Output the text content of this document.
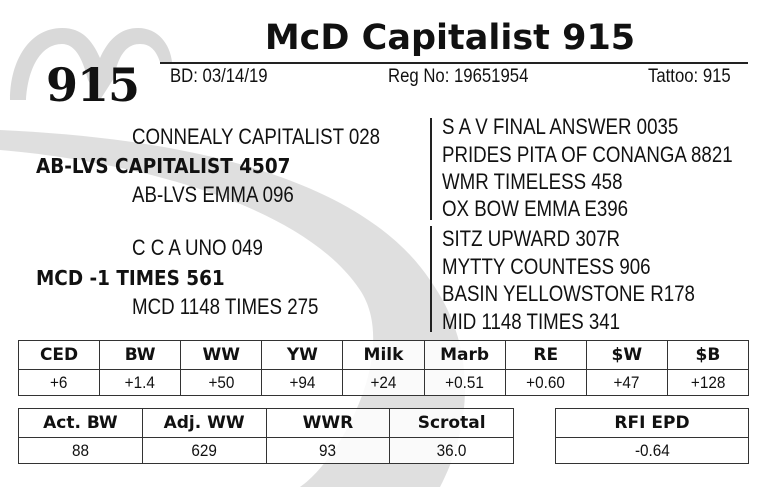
915
McD Capitalist 915
BD: 03/14/19	Reg No: 19651954	Tattoo: 915
CONNEALY CAPITALIST 028
AB-LVS CAPITALIST 4507
AB-LVS EMMA 096
C C A UNO 049
MCD -1 TIMES 561
MCD 1148 TIMES 275
S A V FINAL ANSWER 0035
PRIDES PITA OF CONANGA 8821
WMR TIMELESS 458
OX BOW EMMA E396
SITZ UPWARD 307R
MYTTY COUNTESS 906
BASIN YELLOWSTONE R178
MID 1148 TIMES 341
CED	BW	WW	YW	Milk	Marb	RE	$W	$B
+6	+1.4	+50	+94	+24	+0.51	+0.60	+47	+128
Act. BW	Adj. WW	WWR	Scrotal
88	629	93	36.0
RFI EPD
-0.64
